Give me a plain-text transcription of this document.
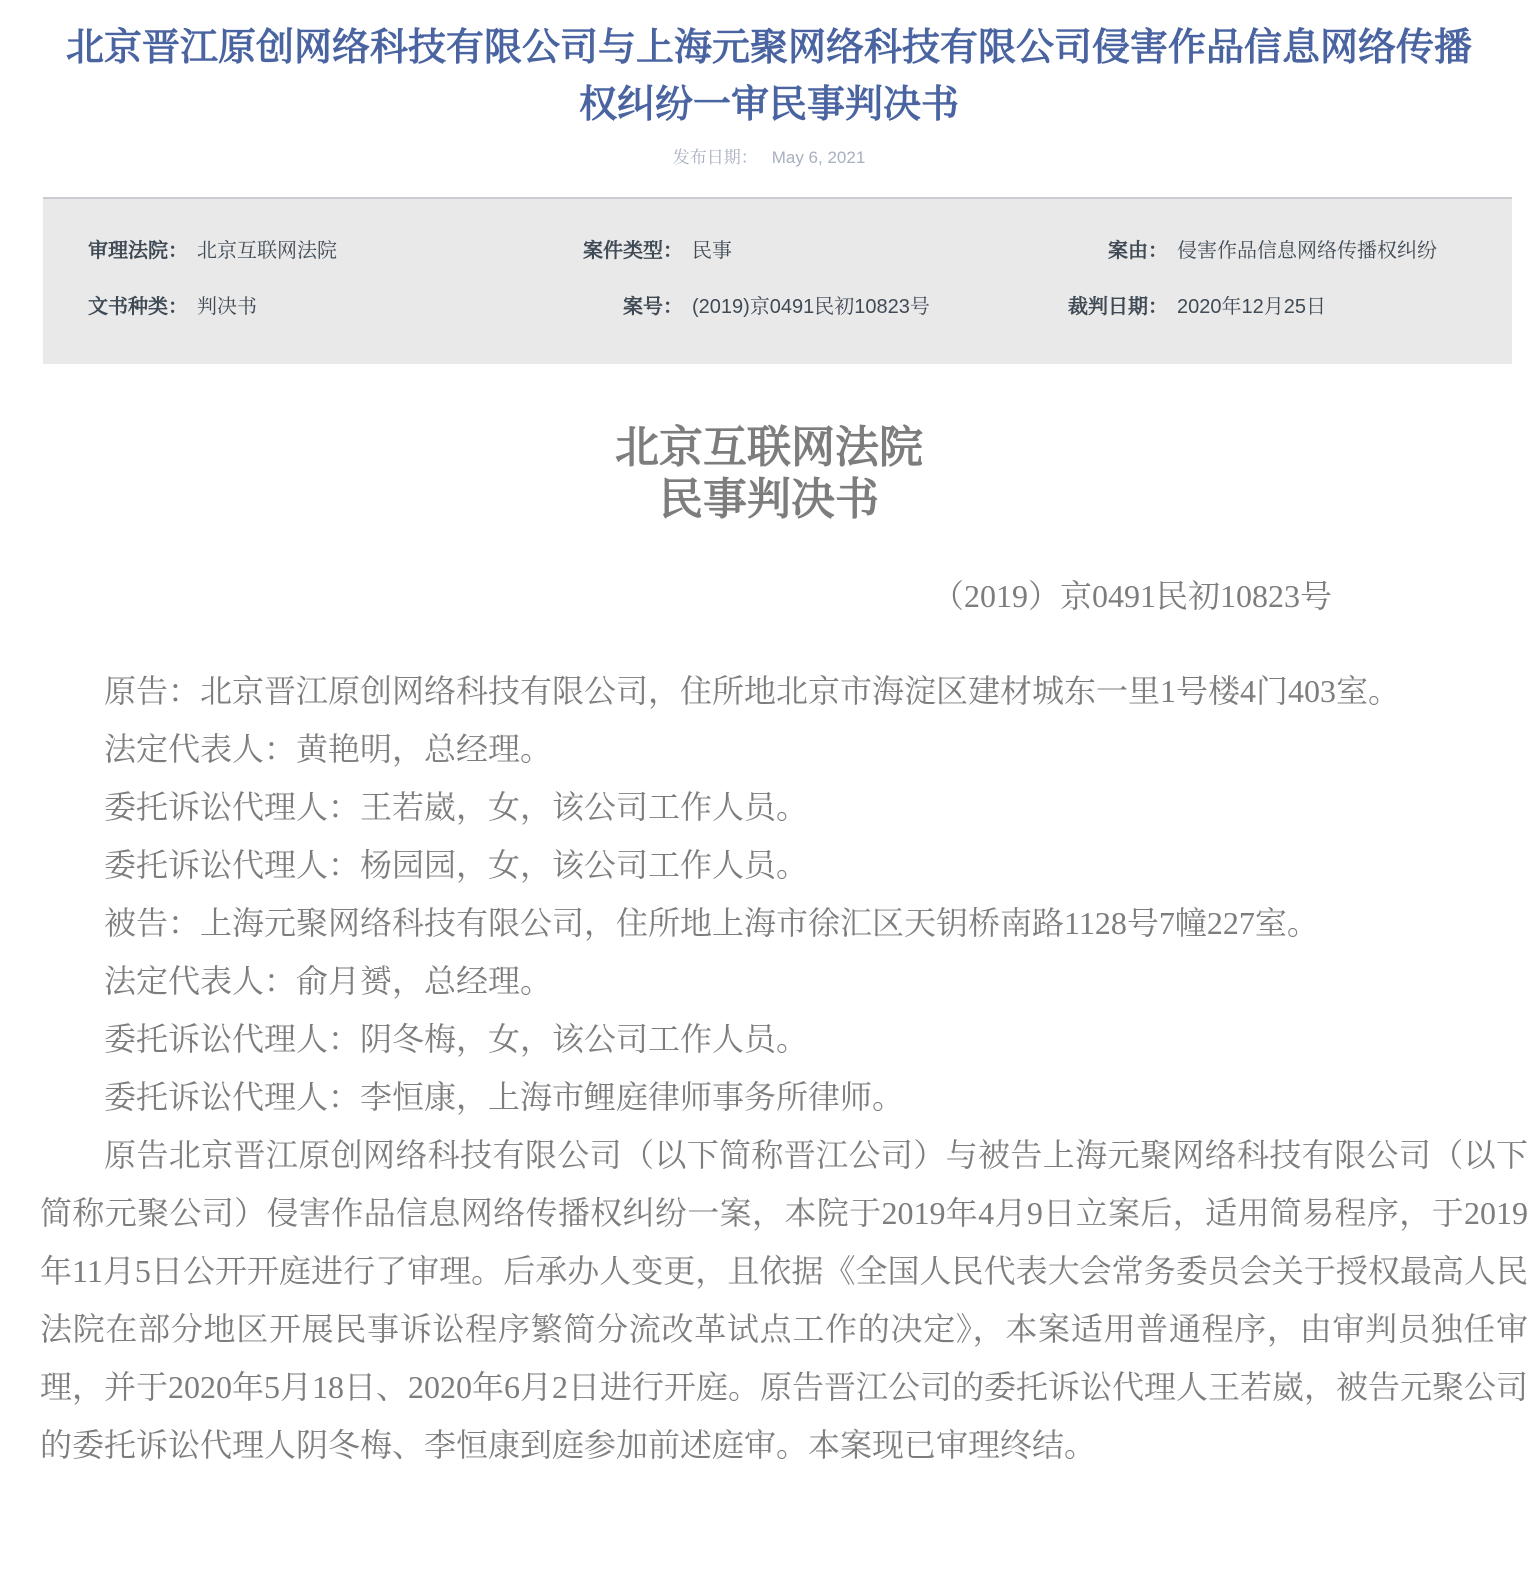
北京晋江原创网络科技有限公司与上海元聚网络科技有限公司侵害作品信息网络传播权纠纷一审民事判决书
发布日期： May 6, 2021
审理法院： 北京互联网法院	案件类型： 民事	案由： 侵害作品信息网络传播权纠纷
文书种类： 判决书	案号： (2019)京0491民初10823号	裁判日期： 2020年12月25日
北京互联网法院
民事判决书
（2019）京0491民初10823号

原告：北京晋江原创网络科技有限公司，住所地北京市海淀区建材城东一里1号楼4门403室。

法定代表人：黄艳明，总经理。

委托诉讼代理人：王若崴，女，该公司工作人员。

委托诉讼代理人：杨园园，女，该公司工作人员。

被告：上海元聚网络科技有限公司，住所地上海市徐汇区天钥桥南路1128号7幢227室。

法定代表人：俞月赟，总经理。

委托诉讼代理人：阴冬梅，女，该公司工作人员。

委托诉讼代理人：李恒康，上海市鲤庭律师事务所律师。

原告北京晋江原创网络科技有限公司（以下简称晋江公司）与被告上海元聚网络科技有限公司（以下简称元聚公司）侵害作品信息网络传播权纠纷一案，本院于2019年4月9日立案后，适用简易程序，于2019年11月5日公开开庭进行了审理。后承办人变更，且依据《全国人民代表大会常务委员会关于授权最高人民法院在部分地区开展民事诉讼程序繁简分流改革试点工作的决定》，本案适用普通程序，由审判员独任审理，并于2020年5月18日、2020年6月2日进行开庭。原告晋江公司的委托诉讼代理人王若崴，被告元聚公司的委托诉讼代理人阴冬梅、李恒康到庭参加前述庭审。本案现已审理终结。
